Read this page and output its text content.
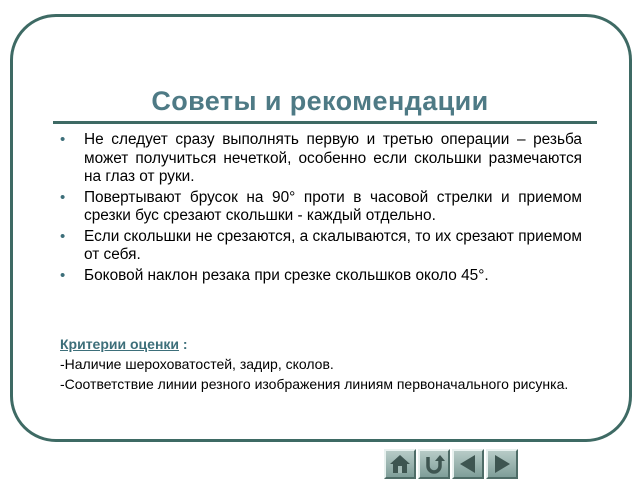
Советы и рекомендации
• Не следует сразу выполнять первую и третью операции – резьба может получиться нечеткой, особенно если скольшки размечаются на глаз от руки.
• Повертывают брусок на 90° проти в часовой стрелки и приемом срезки бус срезают скольшки - каждый отдельно.
• Если скольшки не срезаются, а скалываются, то их срезают приемом от себя.
• Боковой наклон резака при срезке скольшков около 45°.
Критерии оценки :
-Наличие шероховатостей, задир, сколов.
-Соответствие линии резного изображения линиям первоначального рисунка.
